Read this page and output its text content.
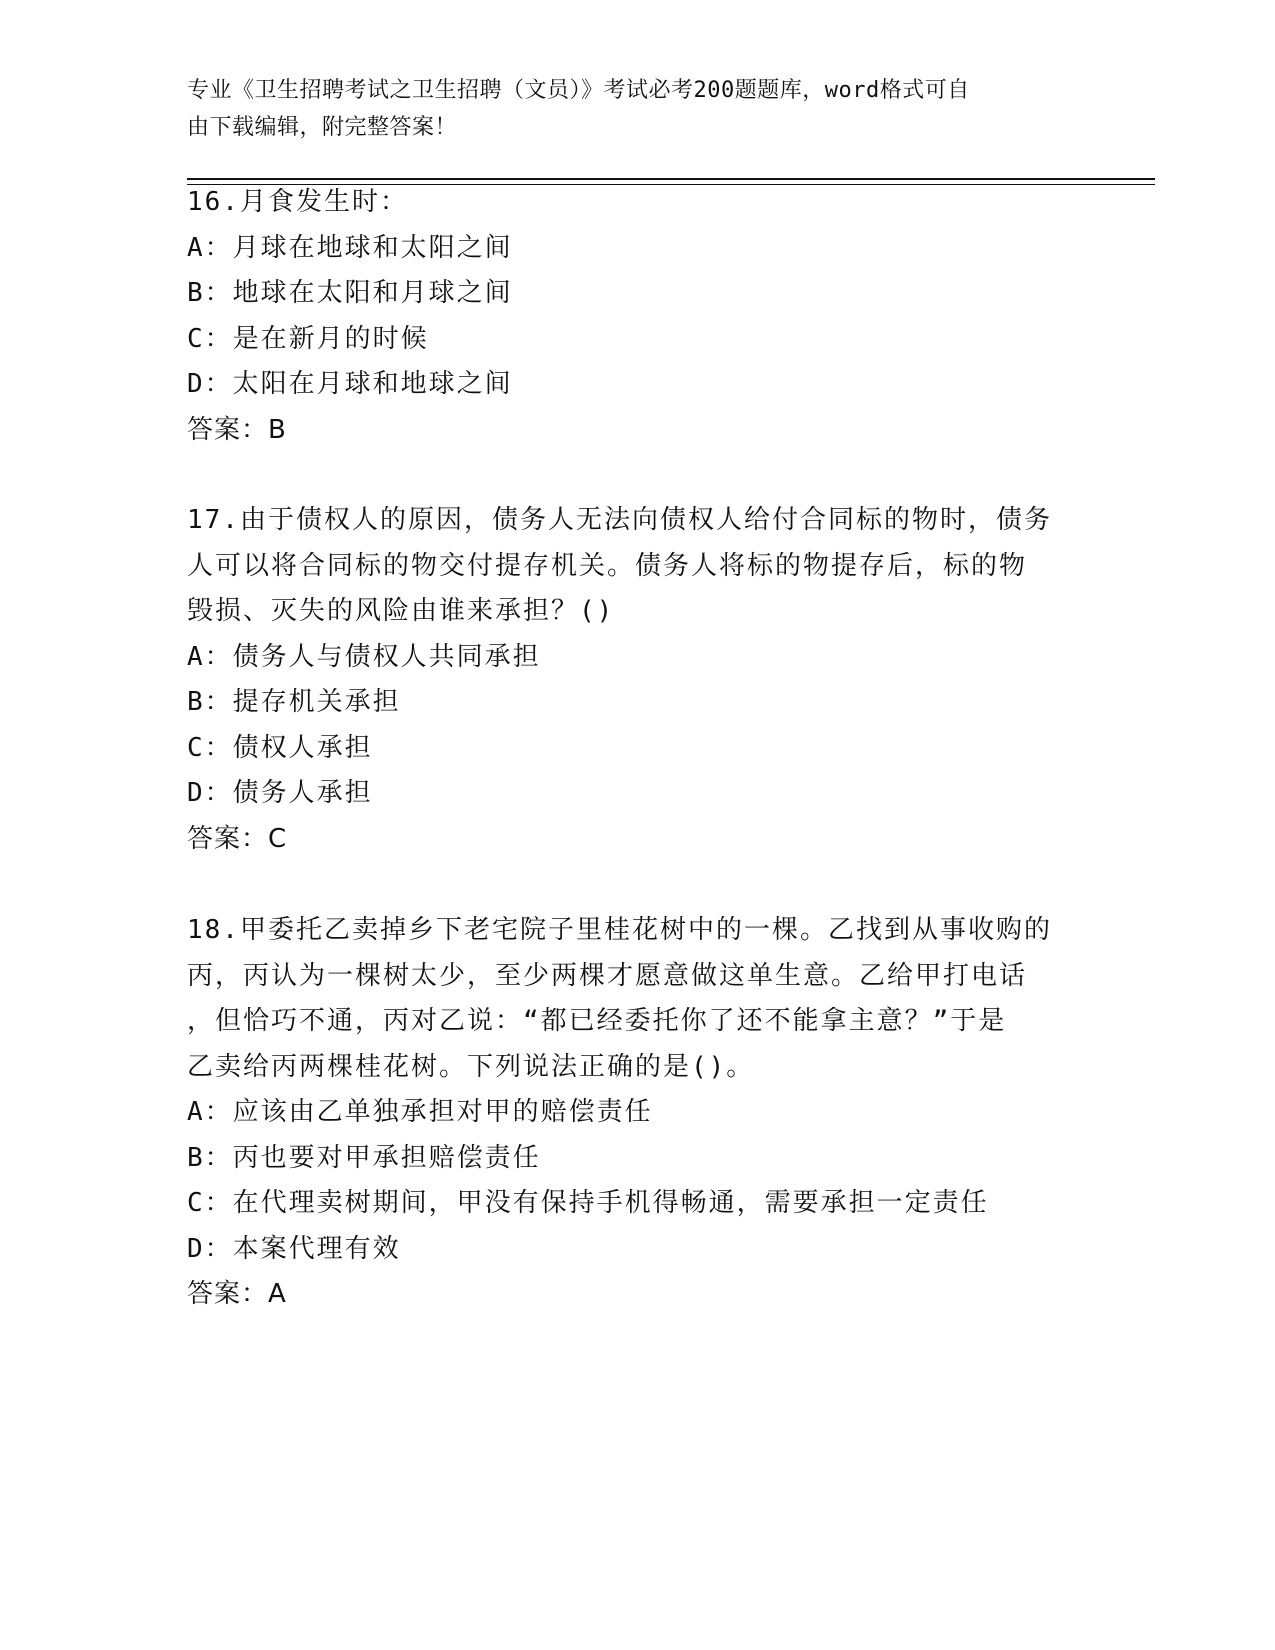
专业《卫生招聘考试之卫生招聘（文员）》考试必考200题题库，word格式可自
由下载编辑，附完整答案！

16.月食发生时：

A：月球在地球和太阳之间

B：地球在太阳和月球之间

C：是在新月的时候

D：太阳在月球和地球之间

答案：B

17.由于债权人的原因，债务人无法向债权人给付合同标的物时，债务

人可以将合同标的物交付提存机关。债务人将标的物提存后，标的物

毁损、灭失的风险由谁来承担？()

A：债务人与债权人共同承担

B：提存机关承担

C：债权人承担

D：债务人承担

答案：C

18.甲委托乙卖掉乡下老宅院子里桂花树中的一棵。乙找到从事收购的

丙，丙认为一棵树太少，至少两棵才愿意做这单生意。乙给甲打电话

，但恰巧不通，丙对乙说：“都已经委托你了还不能拿主意？”于是

乙卖给丙两棵桂花树。下列说法正确的是()。

A：应该由乙单独承担对甲的赔偿责任

B：丙也要对甲承担赔偿责任

C：在代理卖树期间，甲没有保持手机得畅通，需要承担一定责任

D：本案代理有效

答案：A
